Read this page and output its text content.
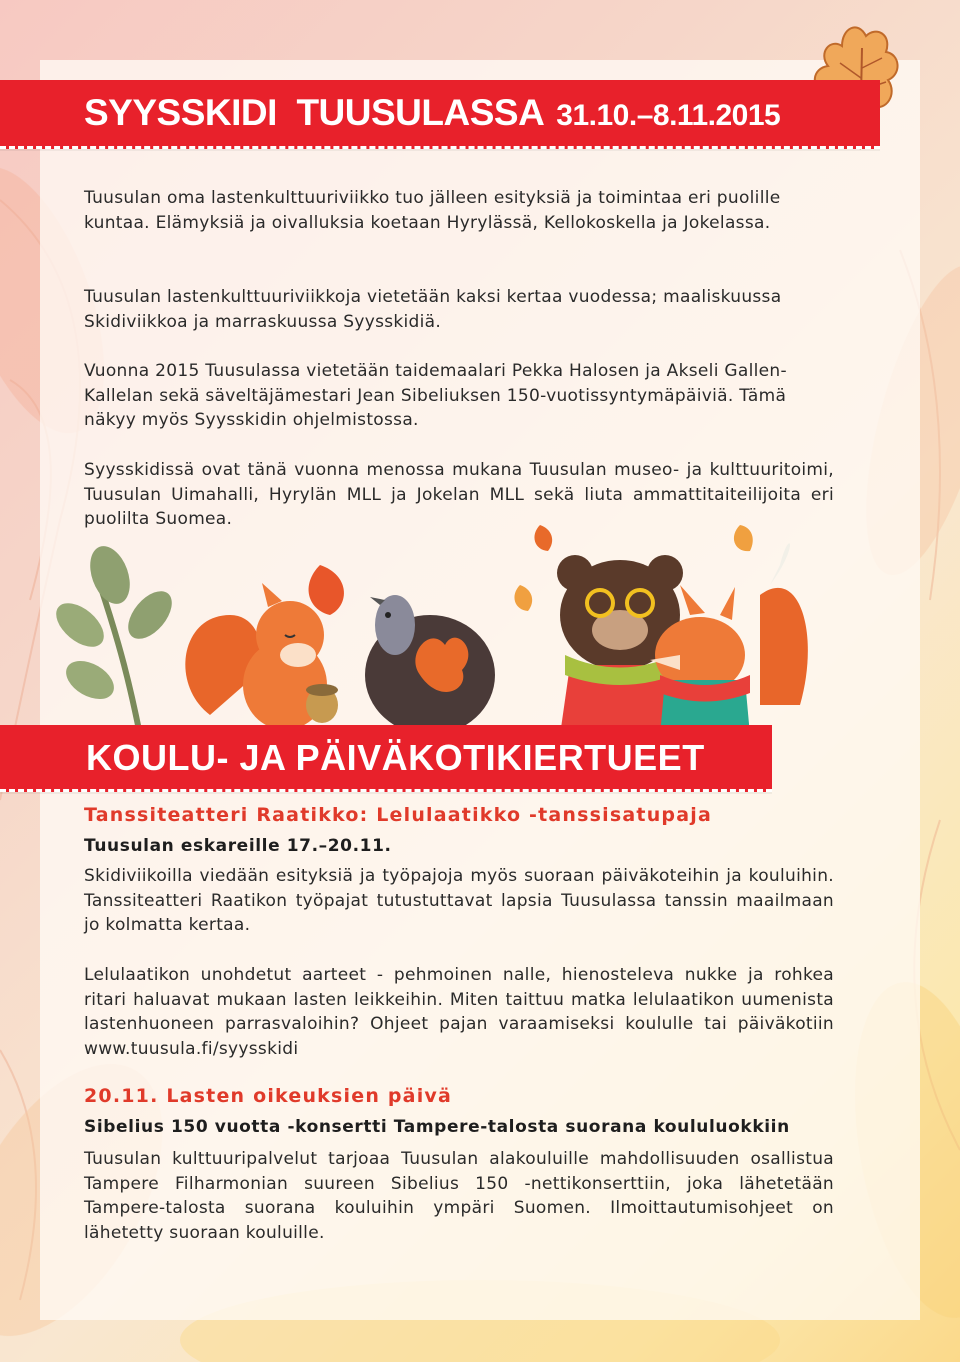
SYYSSKIDI  TUUSULASSA 31.10.–8.11.2015

Tuusulan oma lastenkulttuuriviikko tuo jälleen esityksiä ja toimintaa eri puolille kuntaa. Elämyksiä ja oivalluksia koetaan Hyrylässä, Kellokoskella ja Jokelassa.

Tuusulan lastenkulttuuriviikkoja vietetään kaksi kertaa vuodessa; maaliskuussa Skidiviikkoa ja marraskuussa Syysskidiä.

Vuonna 2015 Tuusulassa vietetään taidemaalari Pekka Halosen ja Akseli Gallen-Kallelan sekä säveltäjämestari Jean Sibeliuksen 150-vuotissyntymäpäiviä. Tämä näkyy myös Syysskidin ohjelmistossa.

Syysskidissä ovat tänä vuonna menossa mukana Tuusulan museo- ja kulttuuritoimi, Tuusulan Uimahalli, Hyrylän MLL ja Jokelan MLL sekä liuta ammattitaiteilijoita eri puolilta Suomea.

KOULU- JA PÄIVÄKOTIKIERTUEET

Tanssiteatteri Raatikko: Lelulaatikko -tanssisatupaja

Tuusulan eskareille 17.–20.11.

Skidiviikoilla viedään esityksiä ja työpajoja myös suoraan päiväkoteihin ja kouluihin. Tanssiteatteri Raatikon työpajat tutustuttavat lapsia Tuusulassa tanssin maailmaan jo kolmatta kertaa.

Lelulaatikon unohdetut aarteet - pehmoinen nalle, hienosteleva nukke ja rohkea ritari haluavat mukaan lasten leikkeihin. Miten taittuu matka lelulaatikon uumenista lastenhuoneen parrasvaloihin? Ohjeet pajan varaamiseksi koululle tai päiväkotiin www.tuusula.fi/syysskidi

20.11. Lasten oikeuksien päivä

Sibelius 150 vuotta -konsertti Tampere-talosta suorana koululuokkiin

Tuusulan kulttuuripalvelut tarjoaa Tuusulan alakouluille mahdollisuuden osallistua Tampere Filharmonian suureen Sibelius 150 -nettikonserttiin, joka lähetetään Tampere-talosta suorana kouluihin ympäri Suomen. Ilmoittautumisohjeet on lähetetty suoraan kouluille.
